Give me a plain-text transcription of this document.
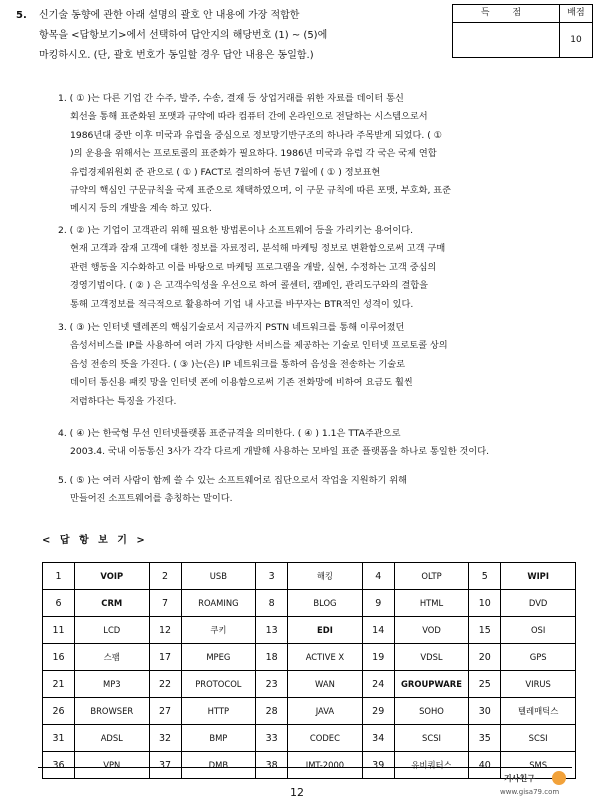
5. 신기술 동향에 관한 아래 설명의 괄호 안 내용에 가장 적합한
항목을 <답항보기>에서 선택하여 답안지의 해당번호 (1) ~ (5)에
마킹하시오. (단, 괄호 번호가 동일할 경우 답안 내용은 동일함.)
득 점	배점
10
1. ( ① )는 다른 기업 간 수주, 발주, 수송, 결재 등 상업거래를 위한 자료를 데이터 통신
회선을 통해 표준화된 포맷과 규약에 따라 컴퓨터 간에 온라인으로 전달하는 시스템으로서
1986년대 중반 이후 미국과 유럽을 중심으로 정보망기반구조의 하나라 주목받게 되었다. ( ①
)의 운용을 위해서는 프로토콜의 표준화가 필요하다. 1986년 미국과 유럽 각 국은 국제 연합
유럽경제위원회 준 관으로 ( ① ) FACT로 결의하여 동년 7월에 ( ① ) 정보표현
규약의 핵심인 구문규칙을 국제 표준으로 채택하였으며, 이 구문 규칙에 따른 포맷, 부호화, 표준
메시지 등의 개발을 계속 하고 있다.
2. ( ② )는 기업이 고객관리 위해 필요한 방법론이나 소프트웨어 등을 가리키는 용어이다.
현재 고객과 잠재 고객에 대한 정보를 자료정리, 분석해 마케팅 정보로 변환함으로써 고객 구매
관련 행동을 지수화하고 이를 바탕으로 마케팅 프로그램을 개발, 실현, 수정하는 고객 중심의
경영기법이다. ( ② ) 은 고객수익성을 우선으로 하여 콜센터, 캠페인, 관리도구와의 결합을
통해 고객정보를 적극적으로 활용하여 기업 내 사고를 바꾸자는 BTR적인 성격이 있다.
3. ( ③ )는 인터넷 텔레폰의 핵심기술로서 지금까지 PSTN 네트워크를 통해 이루어졌던
음성서비스를 IP를 사용하여 여러 가지 다양한 서비스를 제공하는 기술로 인터넷 프로토콜 상의
음성 전송의 뜻을 가진다. ( ③ )는(은) IP 네트워크를 통하여 음성을 전송하는 기술로
데이터 통신용 패킷 망을 인터넷 폰에 이용함으로써 기존 전화망에 비하여 요금도 훨씬
저렴하다는 특징을 가진다.
4. ( ④ )는 한국형 무선 인터넷플랫폼 표준규격을 의미한다. ( ④ ) 1.1은 TTA주관으로
2003.4. 국내 이동통신 3사가 각각 다르게 개발해 사용하는 모바일 표준 플랫폼을 하나로 통일한 것이다.
5. ( ⑤ )는 여러 사람이 함께 쓸 수 있는 소프트웨어로 집단으로서 작업을 지원하기 위해
만들어진 소프트웨어를 총칭하는 말이다.
< 답 항 보 기 >
1	VOIP	2	USB	3	해킹	4	OLTP	5	WIPI
6	CRM	7	ROAMING	8	BLOG	9	HTML	10	DVD
11	LCD	12	쿠키	13	EDI	14	VOD	15	OSI
16	스팸	17	MPEG	18	ACTIVE X	19	VDSL	20	GPS
21	MP3	22	PROTOCOL	23	WAN	24	GROUPWARE	25	VIRUS
26	BROWSER	27	HTTP	28	JAVA	29	SOHO	30	텔레매틱스
31	ADSL	32	BMP	33	CODEC	34	SCSI	35	SCSI
36	VPN	37	DMB	38	IMT-2000	39	유비쿼터스	40	SMS
12
기사친구
www.gisa79.com
